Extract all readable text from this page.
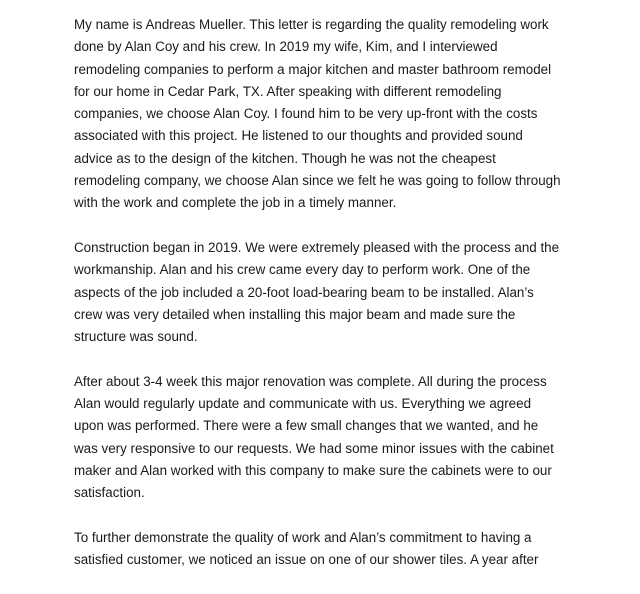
My name is Andreas Mueller. This letter is regarding the quality remodeling work
done by Alan Coy and his crew. In 2019 my wife, Kim, and I interviewed
remodeling companies to perform a major kitchen and master bathroom remodel
for our home in Cedar Park, TX. After speaking with different remodeling
companies, we choose Alan Coy. I found him to be very up-front with the costs
associated with this project. He listened to our thoughts and provided sound
advice as to the design of the kitchen. Though he was not the cheapest
remodeling company, we choose Alan since we felt he was going to follow through
with the work and complete the job in a timely manner.

Construction began in 2019. We were extremely pleased with the process and the
workmanship. Alan and his crew came every day to perform work. One of the
aspects of the job included a 20-foot load-bearing beam to be installed. Alan’s
crew was very detailed when installing this major beam and made sure the
structure was sound.

After about 3-4 week this major renovation was complete. All during the process
Alan would regularly update and communicate with us. Everything we agreed
upon was performed. There were a few small changes that we wanted, and he
was very responsive to our requests. We had some minor issues with the cabinet
maker and Alan worked with this company to make sure the cabinets were to our
satisfaction.

To further demonstrate the quality of work and Alan’s commitment to having a
satisfied customer, we noticed an issue on one of our shower tiles. A year after
